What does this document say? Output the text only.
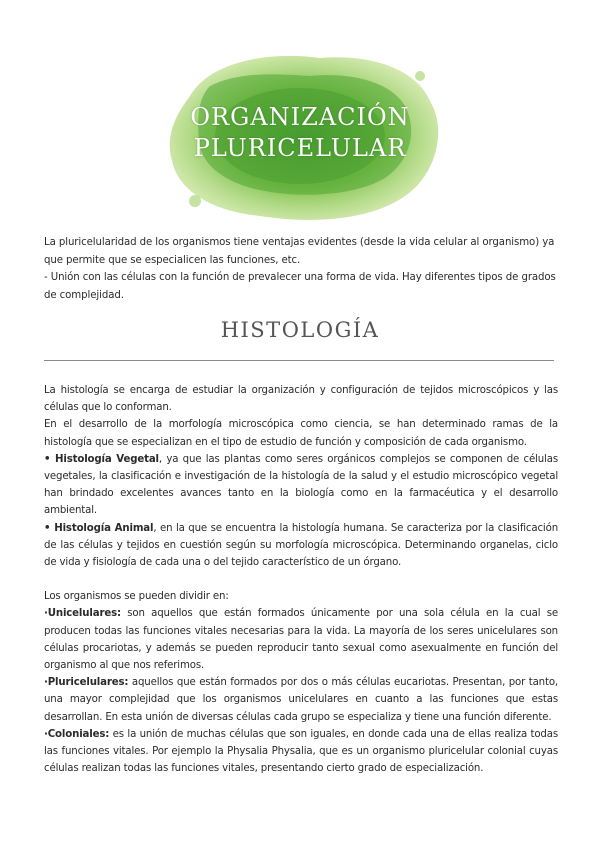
ORGANIZACIÓN
PLURICELULAR

La pluricelularidad de los organismos tiene ventajas evidentes (desde la vida celular al organismo) ya que permite que se especialicen las funciones, etc.

- Unión con las células con la función de prevalecer una forma de vida. Hay diferentes tipos de grados de complejidad.

HISTOLOGÍA

La histología se encarga de estudiar la organización y configuración de tejidos microscópicos y las células que lo conforman.

En el desarrollo de la morfología microscópica como ciencia, se han determinado ramas de la histología que se especializan en el tipo de estudio de función y composición de cada organismo.

• Histología Vegetal, ya que las plantas como seres orgánicos complejos se componen de células vegetales, la clasificación e investigación de la histología de la salud y el estudio microscópico vegetal han brindado excelentes avances tanto en la biología como en la farmacéutica y el desarrollo ambiental.

• Histología Animal, en la que se encuentra la histología humana. Se caracteriza por la clasificación de las células y tejidos en cuestión según su morfología microscópica. Determinando organelas, ciclo de vida y fisiología de cada una o del tejido característico de un órgano.

Los organismos se pueden dividir en:

·Unicelulares: son aquellos que están formados únicamente por una sola célula en la cual se producen todas las funciones vitales necesarias para la vida. La mayoría de los seres unicelulares son células procariotas, y además se pueden reproducir tanto sexual como asexualmente en función del organismo al que nos referimos.

·Pluricelulares: aquellos que están formados por dos o más células eucariotas. Presentan, por tanto, una mayor complejidad que los organismos unicelulares en cuanto a las funciones que estas desarrollan. En esta unión de diversas células cada grupo se especializa y tiene una función diferente.

·Coloniales: es la unión de muchas células que son iguales, en donde cada una de ellas realiza todas las funciones vitales. Por ejemplo la Physalia Physalia, que es un organismo pluricelular colonial cuyas células realizan todas las funciones vitales, presentando cierto grado de especialización.
